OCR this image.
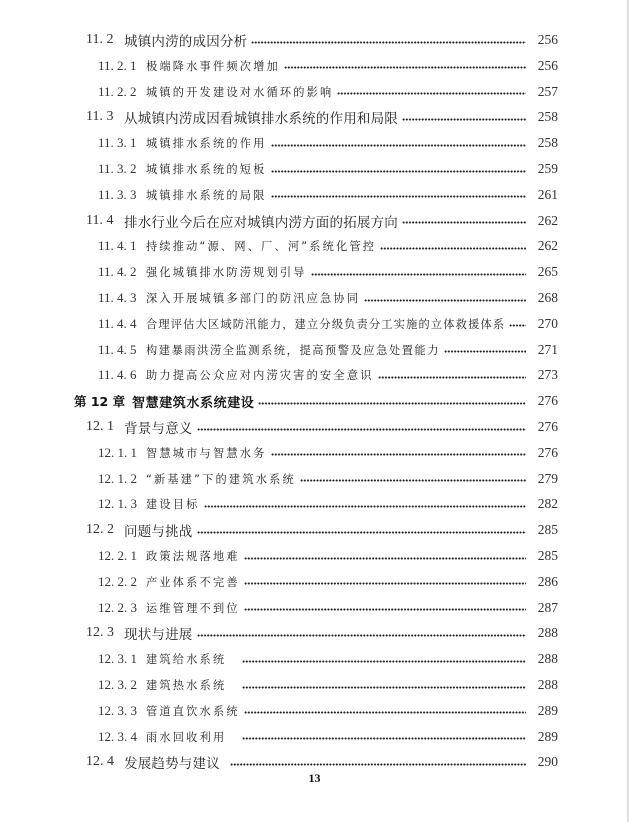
11. 2 城镇内涝的成因分析	256
11. 2. 1 极端降水事件频次增加	256
11. 2. 2 城镇的开发建设对水循环的影响	257
11. 3 从城镇内涝成因看城镇排水系统的作用和局限	258
11. 3. 1 城镇排水系统的作用	258
11. 3. 2 城镇排水系统的短板	259
11. 3. 3 城镇排水系统的局限	261
11. 4 排水行业今后在应对城镇内涝方面的拓展方向	262
11. 4. 1 持续推动“源、网、厂、河”系统化管控	262
11. 4. 2 强化城镇排水防涝规划引导	265
11. 4. 3 深入开展城镇多部门的防汛应急协同	268
11. 4. 4 合理评估大区域防汛能力，建立分级负责分工实施的立体救援体系	270
11. 4. 5 构建暴雨洪涝全监测系统，提高预警及应急处置能力	271
11. 4. 6 助力提高公众应对内涝灾害的安全意识	273
第 12 章 智慧建筑水系统建设	276
12. 1 背景与意义	276
12. 1. 1 智慧城市与智慧水务	276
12. 1. 2 “新基建”下的建筑水系统	279
12. 1. 3 建设目标	282
12. 2 问题与挑战	285
12. 2. 1 政策法规落地难	285
12. 2. 2 产业体系不完善	286
12. 2. 3 运维管理不到位	287
12. 3 现状与进展	288
12. 3. 1 建筑给水系统	288
12. 3. 2 建筑热水系统	288
12. 3. 3 管道直饮水系统	289
12. 3. 4 雨水回收利用	289
12. 4 发展趋势与建议	290
13
